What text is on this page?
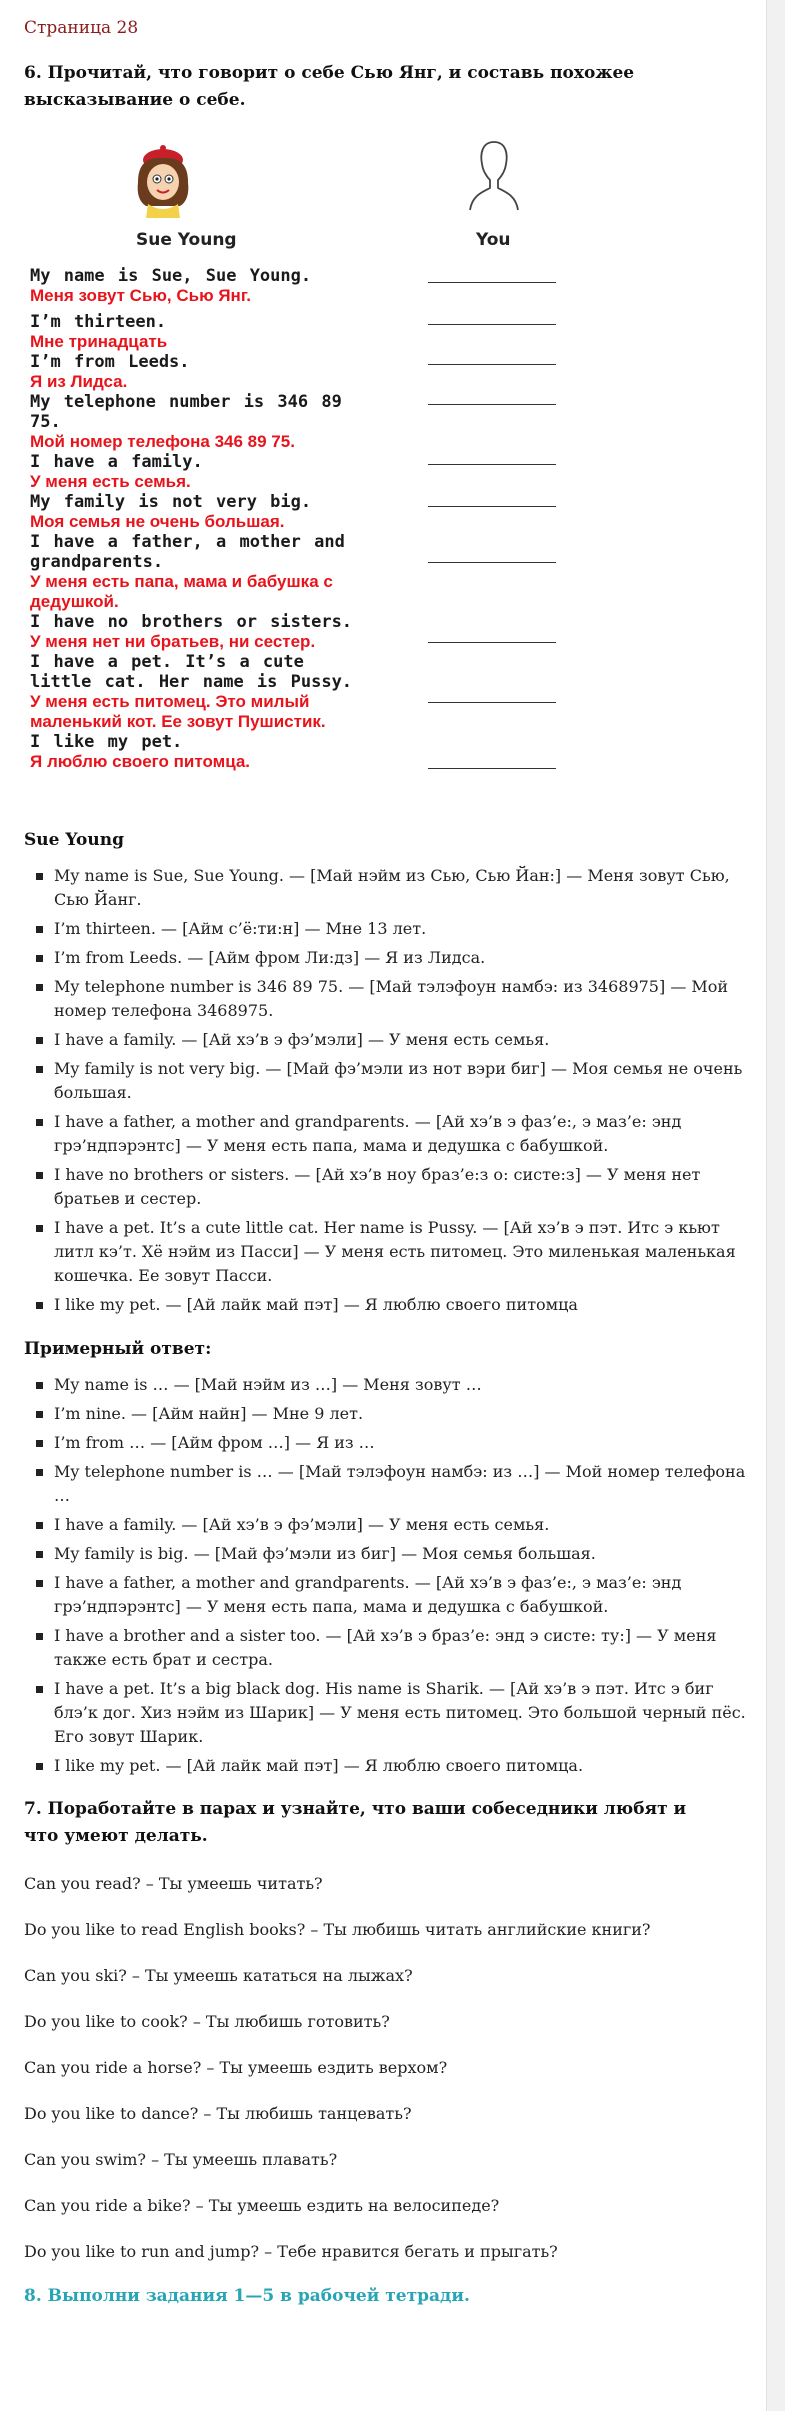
Страница 28

6. Прочитай, что говорит о себе Сью Янг, и составь похожее высказывание о себе.

Sue Young	You
My name is Sue, Sue Young.
Меня зовут Сью, Сью Янг.
I’m thirteen.
Мне тринадцать
I’m from Leeds.
Я из Лидса.
My telephone number is 346 89 75.
Мой номер телефона 346 89 75.
I have a family.
У меня есть семья.
My family is not very big.
Моя семья не очень большая.
I have a father, a mother and grandparents.
У меня есть папа, мама и бабушка с дедушкой.
I have no brothers or sisters.
У меня нет ни братьев, ни сестер.
I have a pet. It’s a cute little cat. Her name is Pussy.
У меня есть питомец. Это милый маленький кот. Ее зовут Пушистик.
I like my pet.
Я люблю своего питомца.
Sue Young
My name is Sue, Sue Young. — [Май нэйм из Сью, Сью Йан:] — Меня зовут Сью, Сью Йанг.
I’m thirteen. — [Айм с’ё:ти:н] — Мне 13 лет.
I’m from Leeds. — [Айм фром Ли:дз] — Я из Лидса.
My telephone number is 346 89 75. — [Май тэлэфоун намбэ: из 3468975] — Мой номер телефона 3468975.
I have a family. — [Ай хэ’в э фэ’мэли] — У меня есть семья.
My family is not very big. — [Май фэ’мэли из нот вэри биг] — Моя семья не очень большая.
I have a father, a mother and grandparents. — [Ай хэ’в э фаз’е:, э маз’е: энд грэ’ндпэрэнтс] — У меня есть папа, мама и дедушка с бабушкой.
I have no brothers or sisters. — [Ай хэ’в ноу браз’е:з о: систе:з] — У меня нет братьев и сестер.
I have a pet. It’s a cute little cat. Her name is Pussy. — [Ай хэ’в э пэт. Итс э кьют литл кэ’т. Хё нэйм из Пасси] — У меня есть питомец. Это миленькая маленькая кошечка. Ее зовут Пасси.
I like my pet. — [Ай лайк май пэт] — Я люблю своего питомца
Примерный ответ:
My name is … — [Май нэйм из …] — Меня зовут …
I’m nine. — [Айм найн] — Мне 9 лет.
I’m from … — [Айм фром …] — Я из …
My telephone number is … — [Май тэлэфоун намбэ: из …] — Мой номер телефона …
I have a family. — [Ай хэ’в э фэ’мэли] — У меня есть семья.
My family is big. — [Май фэ’мэли из биг] — Моя семья большая.
I have a father, a mother and grandparents. — [Ай хэ’в э фаз’е:, э маз’е: энд грэ’ндпэрэнтс] — У меня есть папа, мама и дедушка с бабушкой.
I have a brother and a sister too. — [Ай хэ’в э браз’е: энд э систе: ту:] — У меня также есть брат и сестра.
I have a pet. It’s a big black dog. His name is Sharik. — [Ай хэ’в э пэт. Итс э биг блэ’к дог. Хиз нэйм из Шарик] — У меня есть питомец. Это большой черный пёс. Его зовут Шарик.
I like my pet. — [Ай лайк май пэт] — Я люблю своего питомца.

7. Поработайте в парах и узнайте, что ваши собеседники любят и что умеют делать.

Can you read? – Ты умеешь читать?

Do you like to read English books? – Ты любишь читать английские книги?

Can you ski? – Ты умеешь кататься на лыжах?

Do you like to cook? – Ты любишь готовить?

Can you ride a horse? – Ты умеешь ездить верхом?

Do you like to dance? – Ты любишь танцевать?

Can you swim? – Ты умеешь плавать?

Can you ride a bike? – Ты умеешь ездить на велосипеде?

Do you like to run and jump? – Тебе нравится бегать и прыгать?

8. Выполни задания 1—5 в рабочей тетради.
